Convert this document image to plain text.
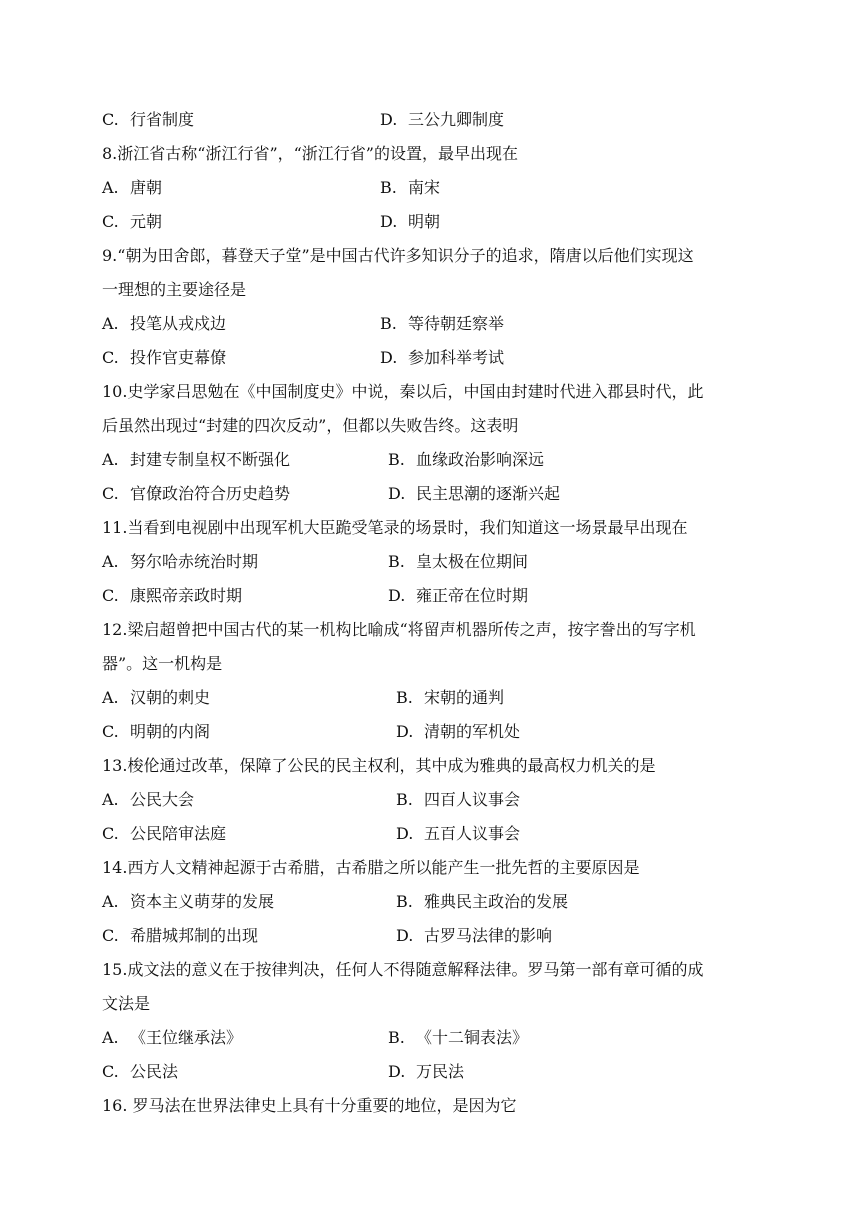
C. 行省制度	D. 三公九卿制度
8.浙江省古称“浙江行省”，“浙江行省”的设置，最早出现在
A. 唐朝	B. 南宋
C. 元朝	D. 明朝
9.“朝为田舍郎，暮登天子堂”是中国古代许多知识分子的追求，隋唐以后他们实现这
一理想的主要途径是
A. 投笔从戎戍边	B. 等待朝廷察举
C. 投作官吏幕僚	D. 参加科举考试
10.史学家吕思勉在《中国制度史》中说，秦以后，中国由封建时代进入郡县时代，此
后虽然出现过“封建的四次反动”，但都以失败告终。这表明
A. 封建专制皇权不断强化	B. 血缘政治影响深远
C. 官僚政治符合历史趋势	D. 民主思潮的逐渐兴起
11.当看到电视剧中出现军机大臣跪受笔录的场景时，我们知道这一场景最早出现在
A. 努尔哈赤统治时期	B. 皇太极在位期间
C. 康熙帝亲政时期	D. 雍正帝在位时期
12.梁启超曾把中国古代的某一机构比喻成“将留声机器所传之声，按字誊出的写字机
器”。这一机构是
A. 汉朝的刺史	B. 宋朝的通判
C. 明朝的内阁	D. 清朝的军机处
13.梭伦通过改革，保障了公民的民主权利，其中成为雅典的最高权力机关的是
A. 公民大会	B. 四百人议事会
C. 公民陪审法庭	D. 五百人议事会
14.西方人文精神起源于古希腊，古希腊之所以能产生一批先哲的主要原因是
A. 资本主义萌芽的发展	B. 雅典民主政治的发展
C. 希腊城邦制的出现	D. 古罗马法律的影响
15.成文法的意义在于按律判决，任何人不得随意解释法律。罗马第一部有章可循的成
文法是
A. 《王位继承法》	B. 《十二铜表法》
C. 公民法	D. 万民法
16. 罗马法在世界法律史上具有十分重要的地位，是因为它
